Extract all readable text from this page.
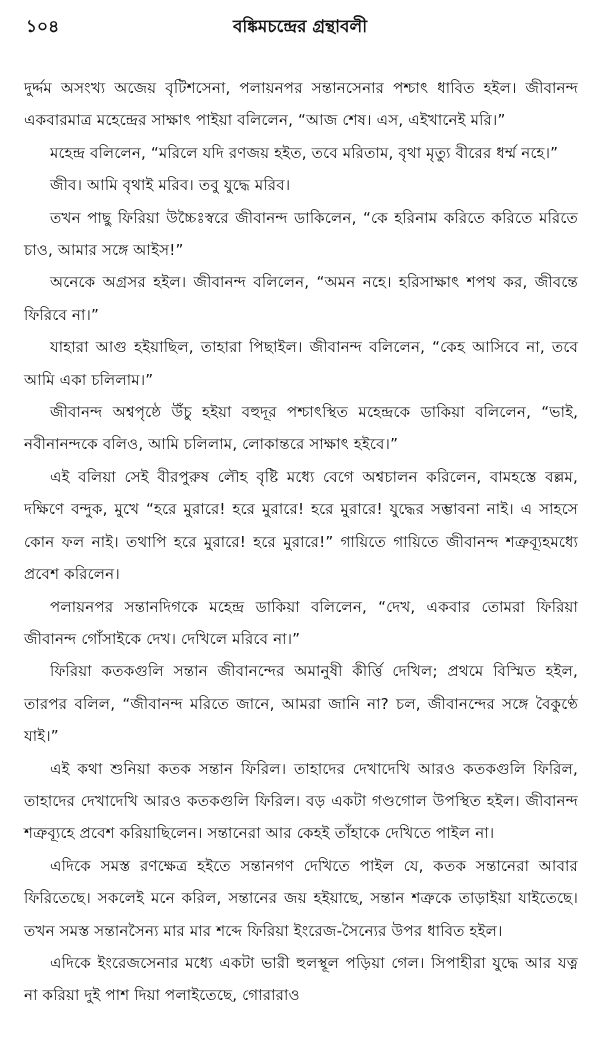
১০৪	বঙ্কিমচন্দ্রের গ্রন্থাবলী

দুর্দ্দম অসংখ্য অজেয় বৃটিশসেনা, পলায়নপর সন্তানসেনার পশ্চাৎ ধাবিত হইল। জীবানন্দ একবারমাত্র মহেন্দ্রের সাক্ষাৎ পাইয়া বলিলেন, “আজ শেষ। এস, এইখানেই মরি।”

মহেন্দ্র বলিলেন, “মরিলে যদি রণজয় হইত, তবে মরিতাম, বৃথা মৃত্যু বীরের ধর্ম্ম নহে।”

জীব। আমি বৃথাই মরিব। তবু যুদ্ধে মরিব।

তখন পাছু ফিরিয়া উচ্চৈঃস্বরে জীবানন্দ ডাকিলেন, “কে হরিনাম করিতে করিতে মরিতে চাও, আমার সঙ্গে আইস!”

অনেকে অগ্রসর হইল। জীবানন্দ বলিলেন, “অমন নহে। হরিসাক্ষাৎ শপথ কর, জীবন্তে ফিরিবে না।”

যাহারা আগু হইয়াছিল, তাহারা পিছাইল। জীবানন্দ বলিলেন, “কেহ আসিবে না, তবে আমি একা চলিলাম।”

জীবানন্দ অশ্বপৃষ্ঠে উঁচু হইয়া বহুদূর পশ্চাৎস্থিত মহেন্দ্রকে ডাকিয়া বলিলেন, “ভাই, নবীনানন্দকে বলিও, আমি চলিলাম, লোকান্তরে সাক্ষাৎ হইবে।”

এই বলিয়া সেই বীরপুরুষ লৌহ বৃষ্টি মধ্যে বেগে অশ্বচালন করিলেন, বামহস্তে বল্লম, দক্ষিণে বন্দুক, মুখে “হরে মুরারে! হরে মুরারে! হরে মুরারে! যুদ্ধের সম্ভাবনা নাই। এ সাহসে কোন ফল নাই। তথাপি হরে মুরারে! হরে মুরারে!” গায়িতে গায়িতে জীবানন্দ শত্রুব্যূহমধ্যে প্রবেশ করিলেন।

পলায়নপর সন্তানদিগকে মহেন্দ্র ডাকিয়া বলিলেন, “দেখ, একবার তোমরা ফিরিয়া জীবানন্দ গোঁসাইকে দেখ। দেখিলে মরিবে না।”

ফিরিয়া কতকগুলি সন্তান জীবানন্দের অমানুষী কীর্ত্তি দেখিল; প্রথমে বিস্মিত হইল, তারপর বলিল, “জীবানন্দ মরিতে জানে, আমরা জানি না? চল, জীবানন্দের সঙ্গে বৈকুণ্ঠে যাই।”

এই কথা শুনিয়া কতক সন্তান ফিরিল। তাহাদের দেখাদেখি আরও কতকগুলি ফিরিল, তাহাদের দেখাদেখি আরও কতকগুলি ফিরিল। বড় একটা গণ্ডগোল উপস্থিত হইল। জীবানন্দ শত্রুব্যূহে প্রবেশ করিয়াছিলেন। সন্তানেরা আর কেহই তাঁহাকে দেখিতে পাইল না।

এদিকে সমস্ত রণক্ষেত্র হইতে সন্তানগণ দেখিতে পাইল যে, কতক সন্তানেরা আবার ফিরিতেছে। সকলেই মনে করিল, সন্তানের জয় হইয়াছে, সন্তান শত্রুকে তাড়াইয়া যাইতেছে। তখন সমস্ত সন্তানসৈন্য মার মার শব্দে ফিরিয়া ইংরেজ-সৈন্যের উপর ধাবিত হইল।

এদিকে ইংরেজসেনার মধ্যে একটা ভারী হুলস্থূল পড়িয়া গেল। সিপাহীরা যুদ্ধে আর যত্ন না করিয়া দুই পাশ দিয়া পলাইতেছে, গোরারাও
